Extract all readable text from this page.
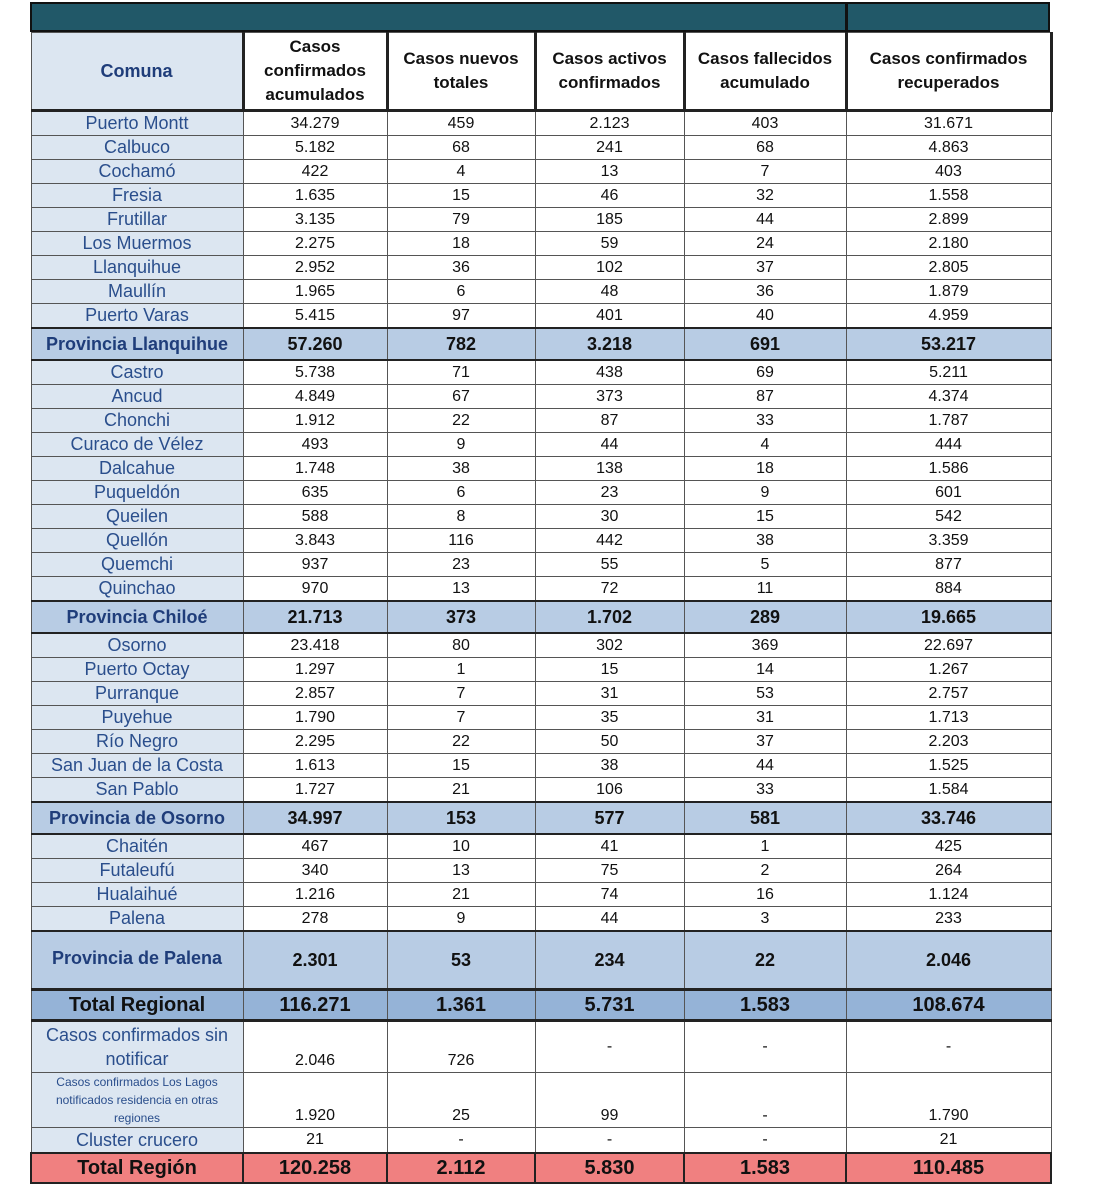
Comuna	Casos confirmados acumulados	Casos nuevos totales	Casos activos confirmados	Casos fallecidos acumulado	Casos confirmados recuperados
Puerto Montt	34.279	459	2.123	403	31.671
Calbuco	5.182	68	241	68	4.863
Cochamó	422	4	13	7	403
Fresia	1.635	15	46	32	1.558
Frutillar	3.135	79	185	44	2.899
Los Muermos	2.275	18	59	24	2.180
Llanquihue	2.952	36	102	37	2.805
Maullín	1.965	6	48	36	1.879
Puerto Varas	5.415	97	401	40	4.959
Provincia Llanquihue	57.260	782	3.218	691	53.217
Castro	5.738	71	438	69	5.211
Ancud	4.849	67	373	87	4.374
Chonchi	1.912	22	87	33	1.787
Curaco de Vélez	493	9	44	4	444
Dalcahue	1.748	38	138	18	1.586
Puqueldón	635	6	23	9	601
Queilen	588	8	30	15	542
Quellón	3.843	116	442	38	3.359
Quemchi	937	23	55	5	877
Quinchao	970	13	72	11	884
Provincia Chiloé	21.713	373	1.702	289	19.665
Osorno	23.418	80	302	369	22.697
Puerto Octay	1.297	1	15	14	1.267
Purranque	2.857	7	31	53	2.757
Puyehue	1.790	7	35	31	1.713
Río Negro	2.295	22	50	37	2.203
San Juan de la Costa	1.613	15	38	44	1.525
San Pablo	1.727	21	106	33	1.584
Provincia de Osorno	34.997	153	577	581	33.746
Chaitén	467	10	41	1	425
Futaleufú	340	13	75	2	264
Hualaihué	1.216	21	74	16	1.124
Palena	278	9	44	3	233
Provincia de Palena	2.301	53	234	22	2.046
Total Regional	116.271	1.361	5.731	1.583	108.674
Casos confirmados sin notificar	2.046	726	-	-	-
Casos confirmados Los Lagos notificados residencia en otras regiones	1.920	25	99	-	1.790
Cluster crucero	21	-	-	-	21
Total Región	120.258	2.112	5.830	1.583	110.485
